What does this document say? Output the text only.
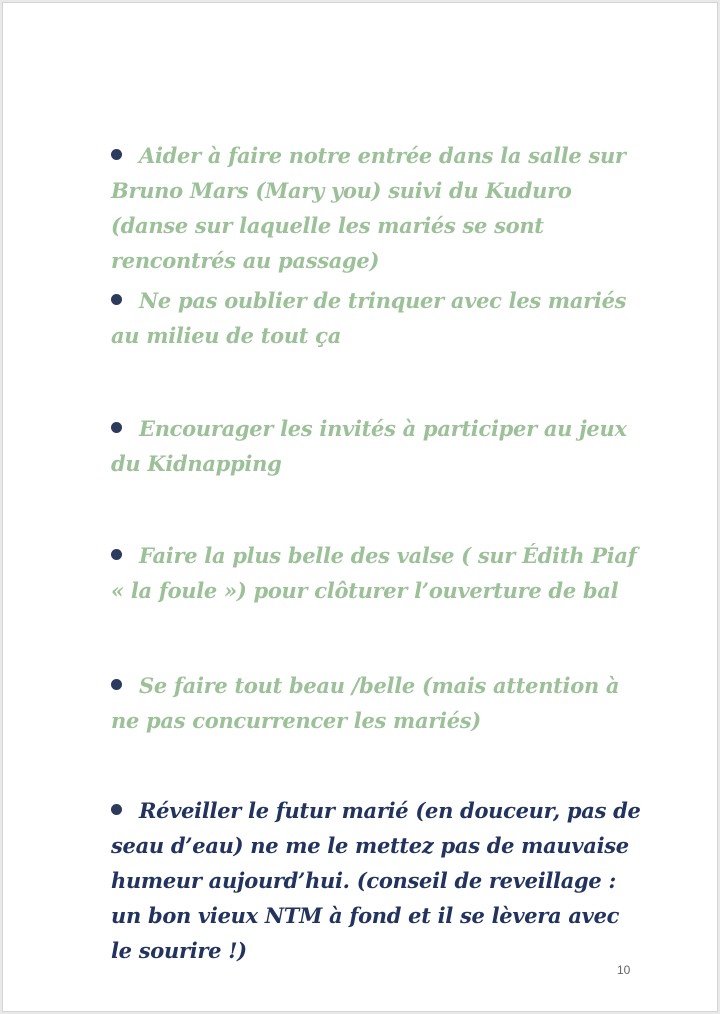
Aider à faire notre entrée dans la salle sur Bruno Mars (Mary you) suivi du Kuduro (danse sur laquelle les mariés se sont rencontrés au passage)
Ne pas oublier de trinquer avec les mariés au milieu de tout ça
Encourager les invités à participer au jeux du Kidnapping
Faire la plus belle des valse ( sur Édith Piaf « la foule ») pour clôturer l’ouverture de bal
Se faire tout beau /belle (mais attention à ne pas concurrencer les mariés)
Réveiller le futur marié (en douceur, pas de seau d’eau) ne me le mettez pas de mauvaise humeur aujourd’hui. (conseil de reveillage : un bon vieux NTM à fond et il se lèvera avec le sourire !)
10
